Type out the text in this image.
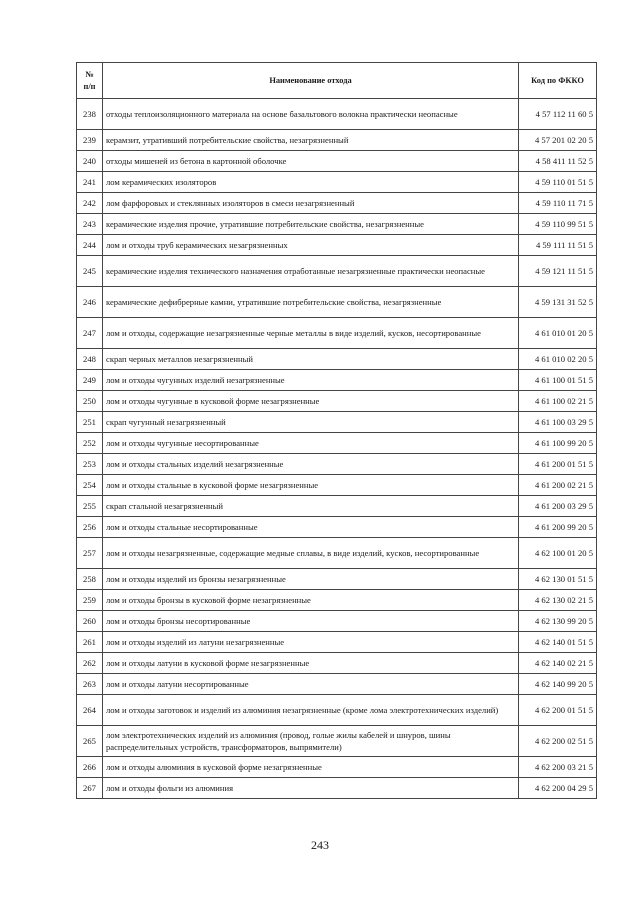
№
п/п	Наименование отхода	Код по ФККО
238	отходы теплоизоляционного материала на основе базальтового волокна практически неопасные	4 57 112 11 60 5
239	керамзит, утративший потребительские свойства, незагрязненный	4 57 201 02 20 5
240	отходы мишеней из бетона в картонной оболочке	4 58 411 11 52 5
241	лом керамических изоляторов	4 59 110 01 51 5
242	лом фарфоровых и стеклянных изоляторов в смеси незагрязненный	4 59 110 11 71 5
243	керамические изделия прочие, утратившие потребительские свойства, незагрязненные	4 59 110 99 51 5
244	лом и отходы труб керамических незагрязненных	4 59 111 11 51 5
245	керамические изделия технического назначения отработанные незагрязненные практически неопасные	4 59 121 11 51 5
246	керамические дефибрерные камни, утратившие потребительские свойства, незагрязненные	4 59 131 31 52 5
247	лом и отходы, содержащие незагрязненные черные металлы в виде изделий, кусков, несортированные	4 61 010 01 20 5
248	скрап черных металлов незагрязненный	4 61 010 02 20 5
249	лом и отходы чугунных изделий незагрязненные	4 61 100 01 51 5
250	лом и отходы чугунные в кусковой форме незагрязненные	4 61 100 02 21 5
251	скрап чугунный незагрязненный	4 61 100 03 29 5
252	лом и отходы чугунные несортированные	4 61 100 99 20 5
253	лом и отходы стальных изделий незагрязненные	4 61 200 01 51 5
254	лом и отходы стальные в кусковой форме незагрязненные	4 61 200 02 21 5
255	скрап стальной незагрязненный	4 61 200 03 29 5
256	лом и отходы стальные несортированные	4 61 200 99 20 5
257	лом и отходы незагрязненные, содержащие медные сплавы, в виде изделий, кусков, несортированные	4 62 100 01 20 5
258	лом и отходы изделий из бронзы незагрязненные	4 62 130 01 51 5
259	лом и отходы бронзы в кусковой форме незагрязненные	4 62 130 02 21 5
260	лом и отходы бронзы несортированные	4 62 130 99 20 5
261	лом и отходы изделий из латуни незагрязненные	4 62 140 01 51 5
262	лом и отходы латуни в кусковой форме незагрязненные	4 62 140 02 21 5
263	лом и отходы латуни несортированные	4 62 140 99 20 5
264	лом и отходы заготовок и изделий из алюминия незагрязненные (кроме лома электротехнических изделий)	4 62 200 01 51 5
265	лом электротехнических изделий из алюминия (провод, голые жилы кабелей и шнуров, шины распределительных устройств, трансформаторов, выпрямители)	4 62 200 02 51 5
266	лом и отходы алюминия в кусковой форме незагрязненные	4 62 200 03 21 5
267	лом и отходы фольги из алюминия	4 62 200 04 29 5
243
